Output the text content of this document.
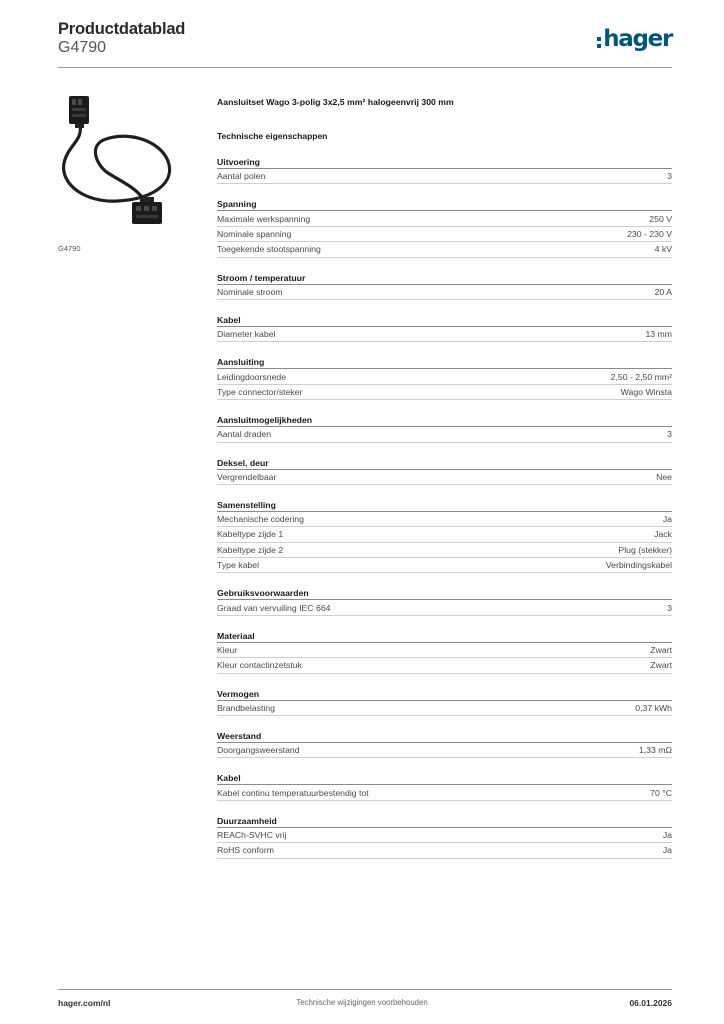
Productdatablad
G4790	hager
G4790
Aansluitset Wago 3-polig 3x2,5 mm² halogeenvrij 300 mm
Technische eigenschappen
Uitvoering
Aantal polen	3
Spanning
Maximale werkspanning	250 V
Nominale spanning	230 - 230 V
Toegekende stootspanning	4 kV
Stroom / temperatuur
Nominale stroom	20 A
Kabel
Diameter kabel	13 mm
Aansluiting
Leidingdoorsnede	2,50 - 2,50 mm²
Type connector/steker	Wago Winsta
Aansluitmogelijkheden
Aantal draden	3
Deksel, deur
Vergrendelbaar	Nee
Samenstelling
Mechanische codering	Ja
Kabeltype zijde 1	Jack
Kabeltype zijde 2	Plug (stekker)
Type kabel	Verbindingskabel
Gebruiksvoorwaarden
Graad van vervuiling IEC 664	3
Materiaal
Kleur	Zwart
Kleur contactinzetstuk	Zwart
Vermogen
Brandbelasting	0,37 kWh
Weerstand
Doorgangsweerstand	1,33 mΩ
Kabel
Kabel continu temperatuurbestendig tot	70 °C
Duurzaamheid
REACh-SVHC vrij	Ja
RoHS conform	Ja
hager.com/nl	Technische wijzigingen voorbehouden	06.01.2026
